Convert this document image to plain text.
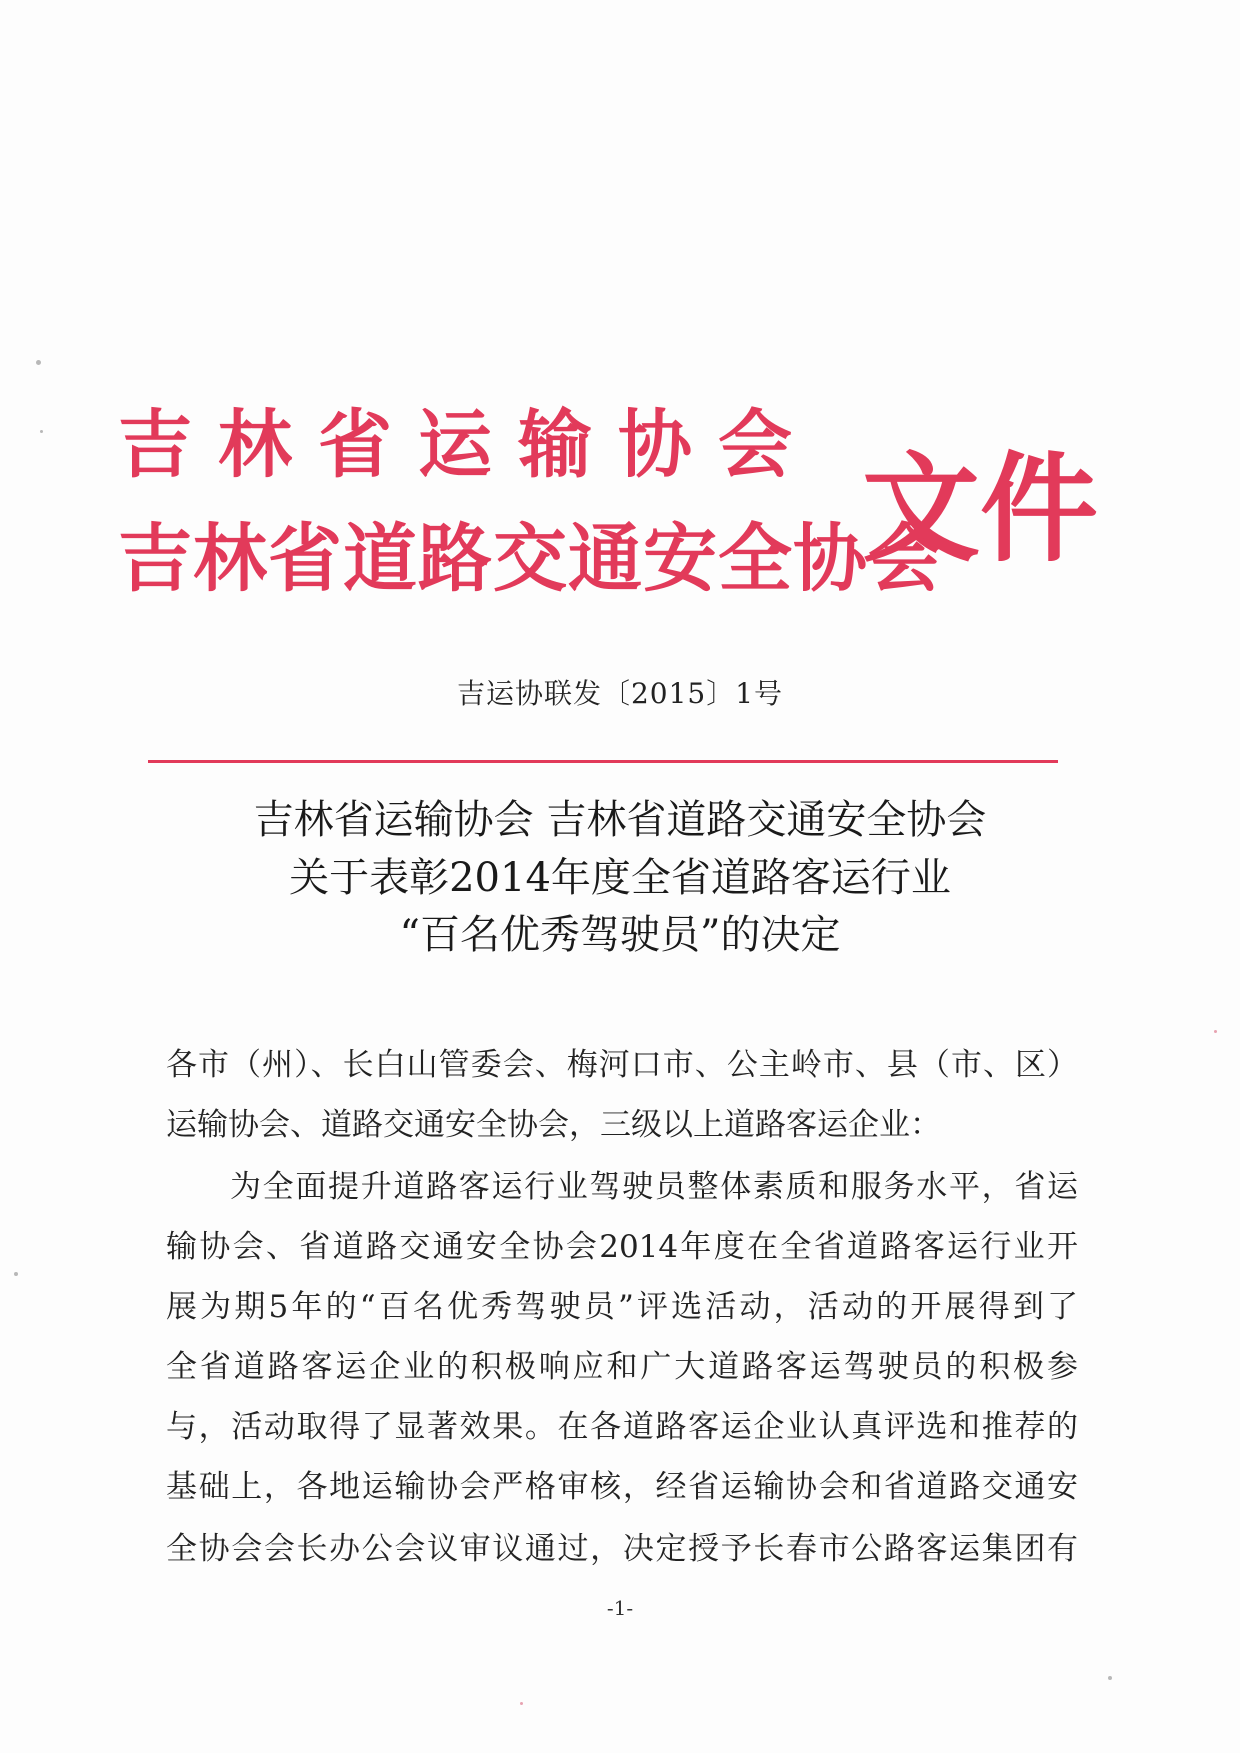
吉林省运输协会
吉林省道路交通安全协会
文件
吉运协联发〔2015〕1号
吉林省运输协会 吉林省道路交通安全协会
关于表彰2014年度全省道路客运行业
“百名优秀驾驶员”的决定
各市（州）、长白山管委会、梅河口市、公主岭市、县（市、区）
运输协会、道路交通安全协会，三级以上道路客运企业：
为全面提升道路客运行业驾驶员整体素质和服务水平，省运
输协会、省道路交通安全协会2014年度在全省道路客运行业开
展为期5年的“百名优秀驾驶员”评选活动，活动的开展得到了
全省道路客运企业的积极响应和广大道路客运驾驶员的积极参
与，活动取得了显著效果。在各道路客运企业认真评选和推荐的
基础上，各地运输协会严格审核，经省运输协会和省道路交通安
全协会会长办公会议审议通过，决定授予长春市公路客运集团有
-1-
